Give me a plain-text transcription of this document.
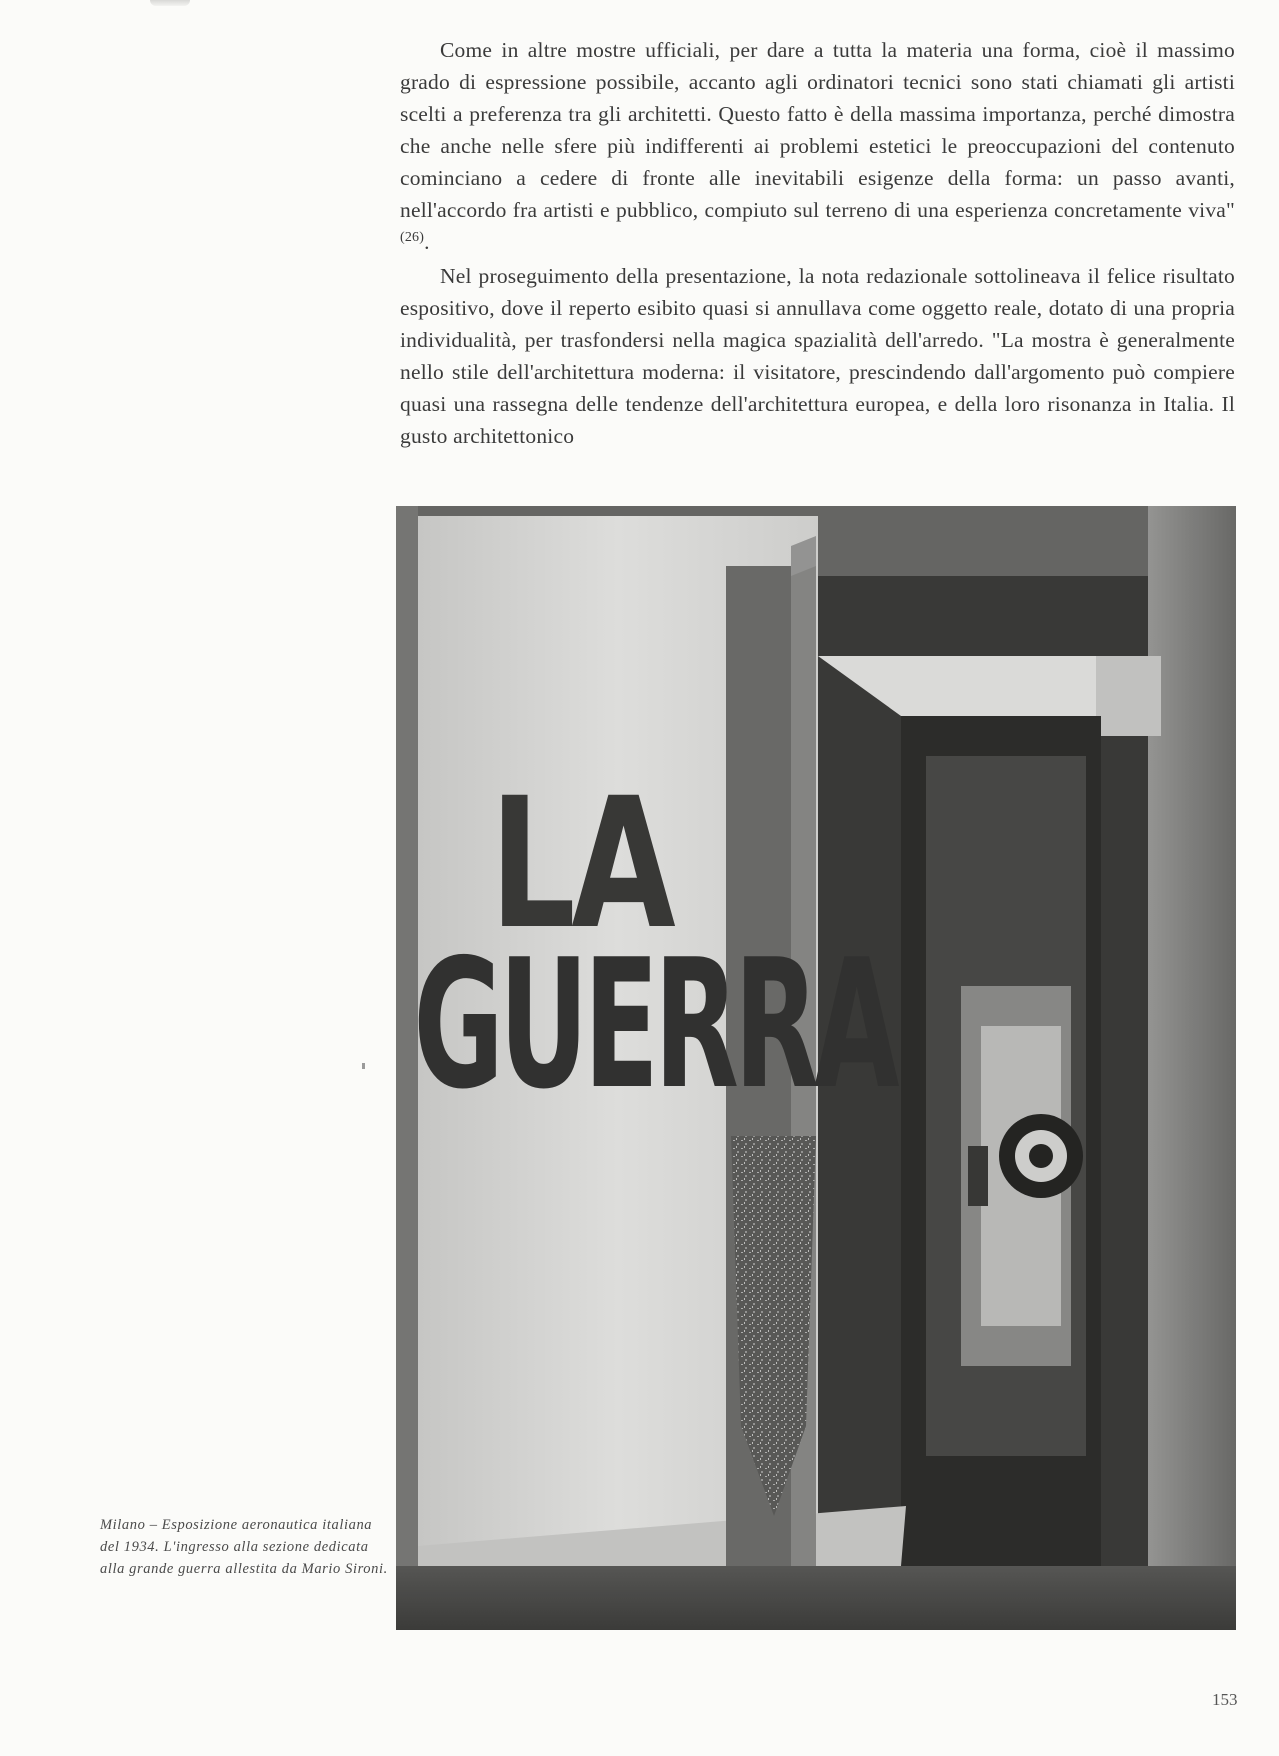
Come in altre mostre ufficiali, per dare a tutta la materia una forma, cioè il massimo grado di espressione possibile, accanto agli ordinatori tecnici sono stati chiamati gli artisti scelti a preferenza tra gli architetti. Questo fatto è della massima importanza, perché dimostra che anche nelle sfere più indifferenti ai problemi estetici le preoccupazioni del contenuto cominciano a cedere di fronte alle inevitabili esigenze della forma: un passo avanti, nell'accordo fra artisti e pubblico, compiuto sul terreno di una esperienza concretamente viva"$^{(26)}$.

Nel proseguimento della presentazione, la nota redazionale sottolineava il felice risultato espositivo, dove il reperto esibito quasi si annullava come oggetto reale, dotato di una propria individualità, per trasfondersi nella magica spazialità dell'arredo. "La mostra è generalmente nello stile dell'architettura moderna: il visitatore, prescindendo dall'argomento può compiere quasi una rassegna delle tendenze dell'architettura europea, e della loro risonanza in Italia. Il gusto architettonico

LA
GUERRA

Milano – Esposizione aeronautica italiana del 1934. L'ingresso alla sezione dedicata alla grande guerra allestita da Mario Sironi.

153
